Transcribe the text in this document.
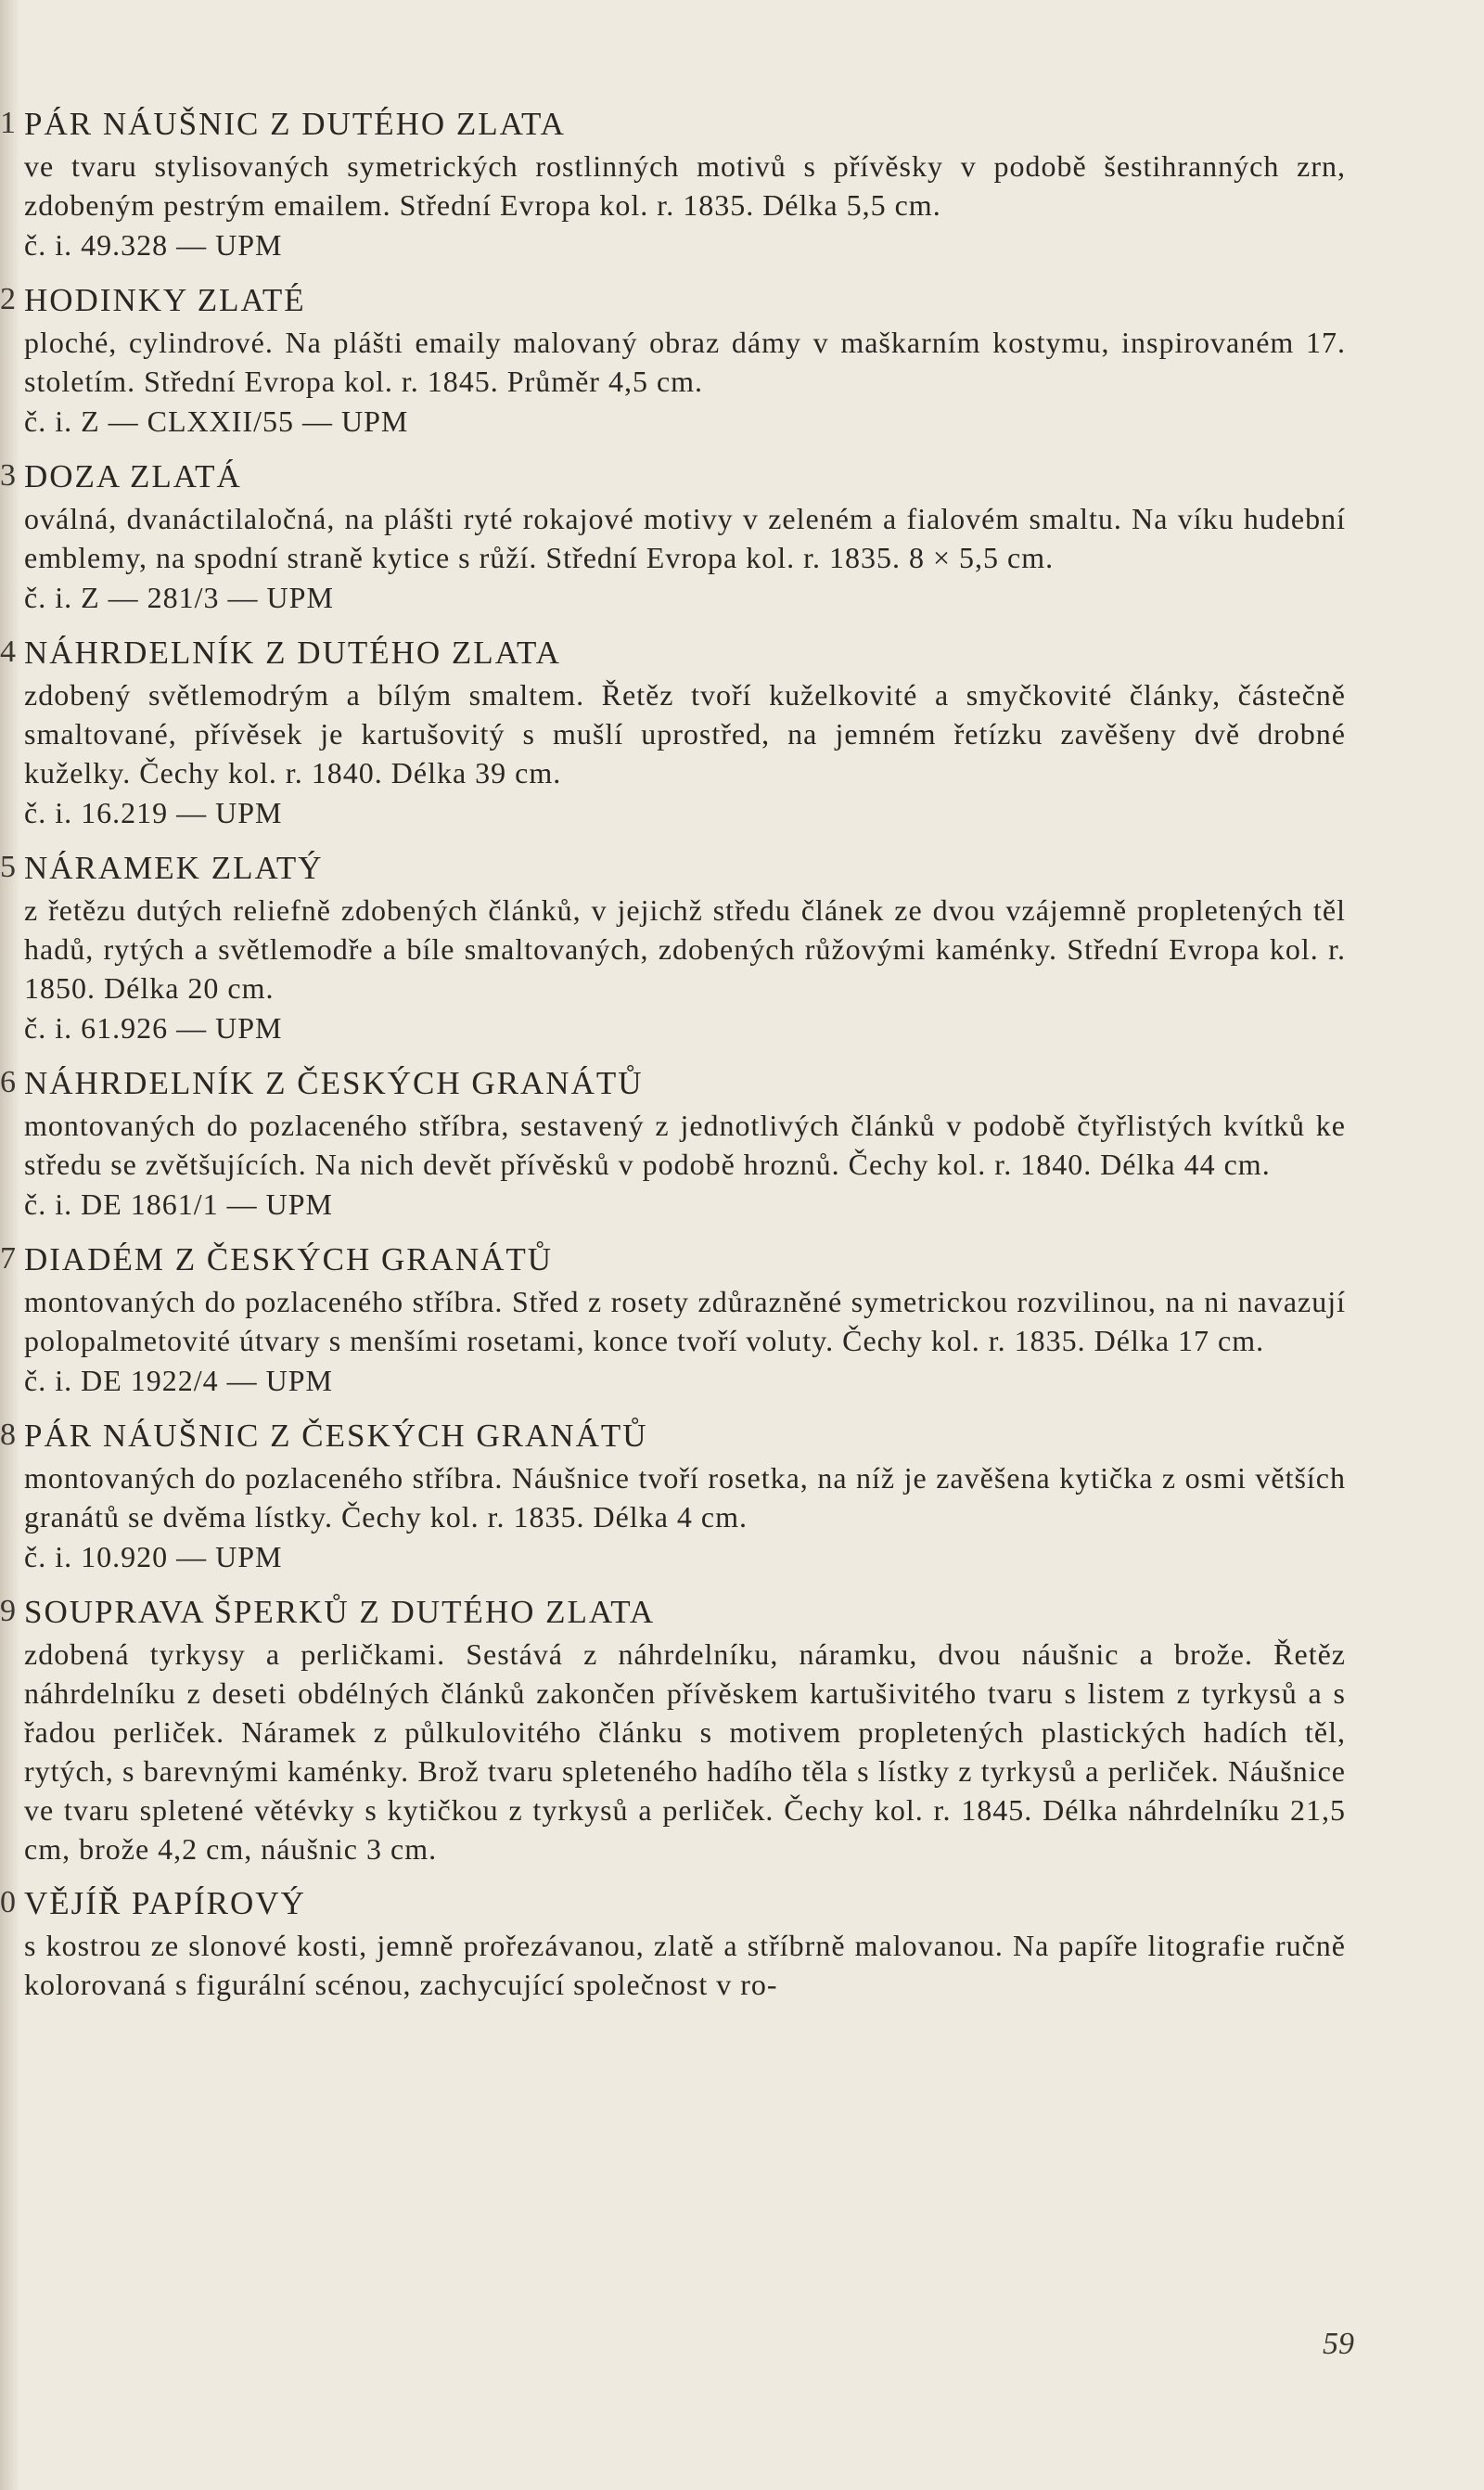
1 PÁR NÁUŠNIC Z DUTÉHO ZLATA

ve tvaru stylisovaných symetrických rostlinných motivů s přívěsky v podobě šestihranných zrn, zdobeným pestrým emailem. Střední Evropa kol. r. 1835. Délka 5,5 cm.

č. i. 49.328 — UPM

2 HODINKY ZLATÉ

ploché, cylindrové. Na plášti emaily malovaný obraz dámy v maškarním kostymu, inspirovaném 17. stoletím. Střední Evropa kol. r. 1845. Průměr 4,5 cm.

č. i. Z — CLXXII/55 — UPM

3 DOZA ZLATÁ

oválná, dvanáctilaločná, na plášti ryté rokajové motivy v zeleném a fialovém smaltu. Na víku hudební emblemy, na spodní straně kytice s růží. Střední Evropa kol. r. 1835. 8 × 5,5 cm.

č. i. Z — 281/3 — UPM

4 NÁHRDELNÍK Z DUTÉHO ZLATA

zdobený světlemodrým a bílým smaltem. Řetěz tvoří kuželkovité a smyčkovité články, částečně smaltované, přívěsek je kartušovitý s mušlí uprostřed, na jemném řetízku zavěšeny dvě drobné kuželky. Čechy kol. r. 1840. Délka 39 cm.

č. i. 16.219 — UPM

5 NÁRAMEK ZLATÝ

z řetězu dutých reliefně zdobených článků, v jejichž středu článek ze dvou vzájemně propletených těl hadů, rytých a světlemodře a bíle smaltovaných, zdobených růžovými kaménky. Střední Evropa kol. r. 1850. Délka 20 cm.

č. i. 61.926 — UPM

6 NÁHRDELNÍK Z ČESKÝCH GRANÁTŮ

montovaných do pozlaceného stříbra, sestavený z jednotlivých článků v podobě čtyřlistých kvítků ke středu se zvětšujících. Na nich devět přívěsků v podobě hroznů. Čechy kol. r. 1840. Délka 44 cm.

č. i. DE 1861/1 — UPM

7 DIADÉM Z ČESKÝCH GRANÁTŮ

montovaných do pozlaceného stříbra. Střed z rosety zdůrazněné symetrickou rozvilinou, na ni navazují polopalmetovité útvary s menšími rosetami, konce tvoří voluty. Čechy kol. r. 1835. Délka 17 cm.

č. i. DE 1922/4 — UPM

8 PÁR NÁUŠNIC Z ČESKÝCH GRANÁTŮ

montovaných do pozlaceného stříbra. Náušnice tvoří rosetka, na níž je zavěšena kytička z osmi větších granátů se dvěma lístky. Čechy kol. r. 1835. Délka 4 cm.

č. i. 10.920 — UPM

9 SOUPRAVA ŠPERKŮ Z DUTÉHO ZLATA

zdobená tyrkysy a perličkami. Sestává z náhrdelníku, náramku, dvou náušnic a brože. Řetěz náhrdelníku z deseti obdélných článků zakončen přívěskem kartušivitého tvaru s listem z tyrkysů a s řadou perliček. Náramek z půlkulovitého článku s motivem propletených plastických hadích těl, rytých, s barevnými kaménky. Brož tvaru spleteného hadího těla s lístky z tyrkysů a perliček. Náušnice ve tvaru spletené větévky s kytičkou z tyrkysů a perliček. Čechy kol. r. 1845. Délka náhrdelníku 21,5 cm, brože 4,2 cm, náušnic 3 cm.

0 VĚJÍŘ PAPÍROVÝ

s kostrou ze slonové kosti, jemně prořezávanou, zlatě a stříbrně malovanou. Na papíře litografie ručně kolorovaná s figurální scénou, zachycující společnost v ro-

59
